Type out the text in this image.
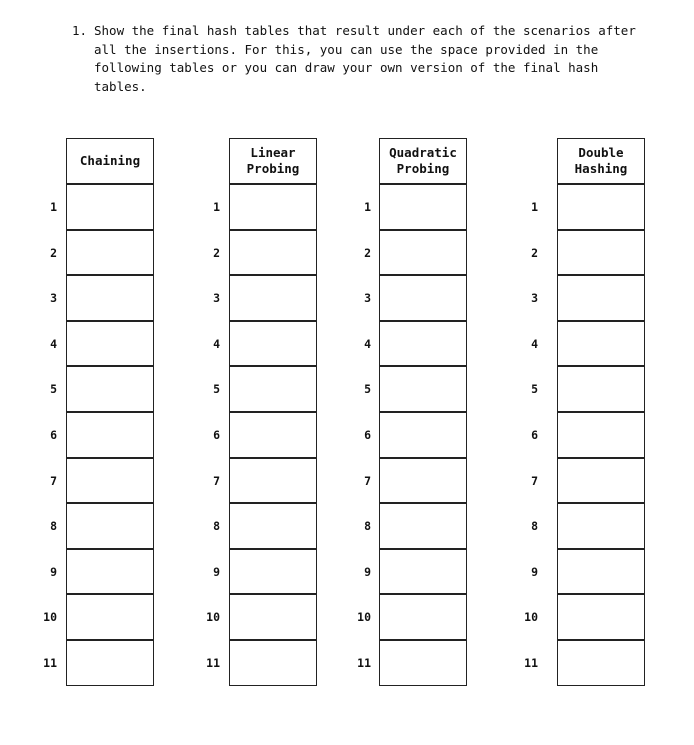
1. Show the final hash tables that result under each of the scenarios after all the insertions. For this, you can use the space provided in the following tables or you can draw your own version of the final hash tables.
Chaining
1
2
3
4
5
6
7
8
9
10
11
Linear
Probing
1
2
3
4
5
6
7
8
9
10
11
Quadratic
Probing
1
2
3
4
5
6
7
8
9
10
11
Double
Hashing
1
2
3
4
5
6
7
8
9
10
11
